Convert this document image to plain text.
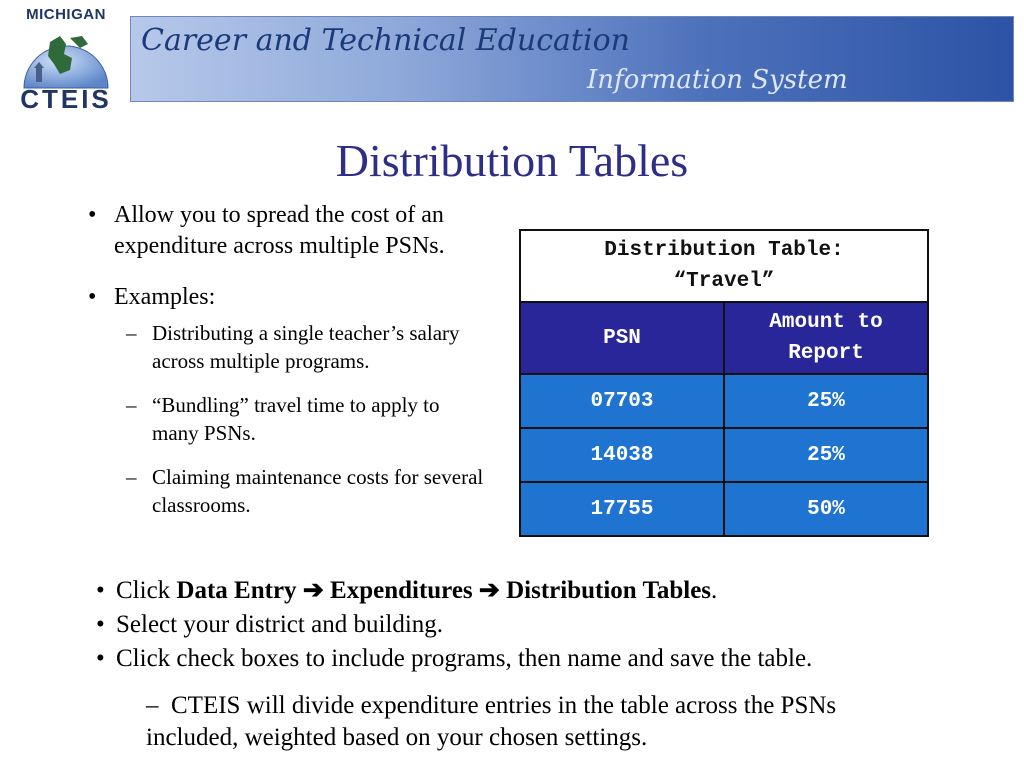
MICHIGAN
CTEIS
Career and Technical Education
Information System
Distribution Tables
• Allow you to spread the cost of an expenditure across multiple PSNs.
• Examples:
– Distributing a single teacher’s salary across multiple programs.
– “Bundling” travel time to apply to many PSNs.
– Claiming maintenance costs for several classrooms.
Distribution Table:
“Travel”	

PSN	Amount to
Report

07703	25%
14038	25%
17755	50%
• Click Data Entry ➔ Expenditures ➔ Distribution Tables.
• Select your district and building.
• Click check boxes to include programs, then name and save the table.
–  CTEIS will divide expenditure entries in the table across the PSNs included, weighted based on your chosen settings.
